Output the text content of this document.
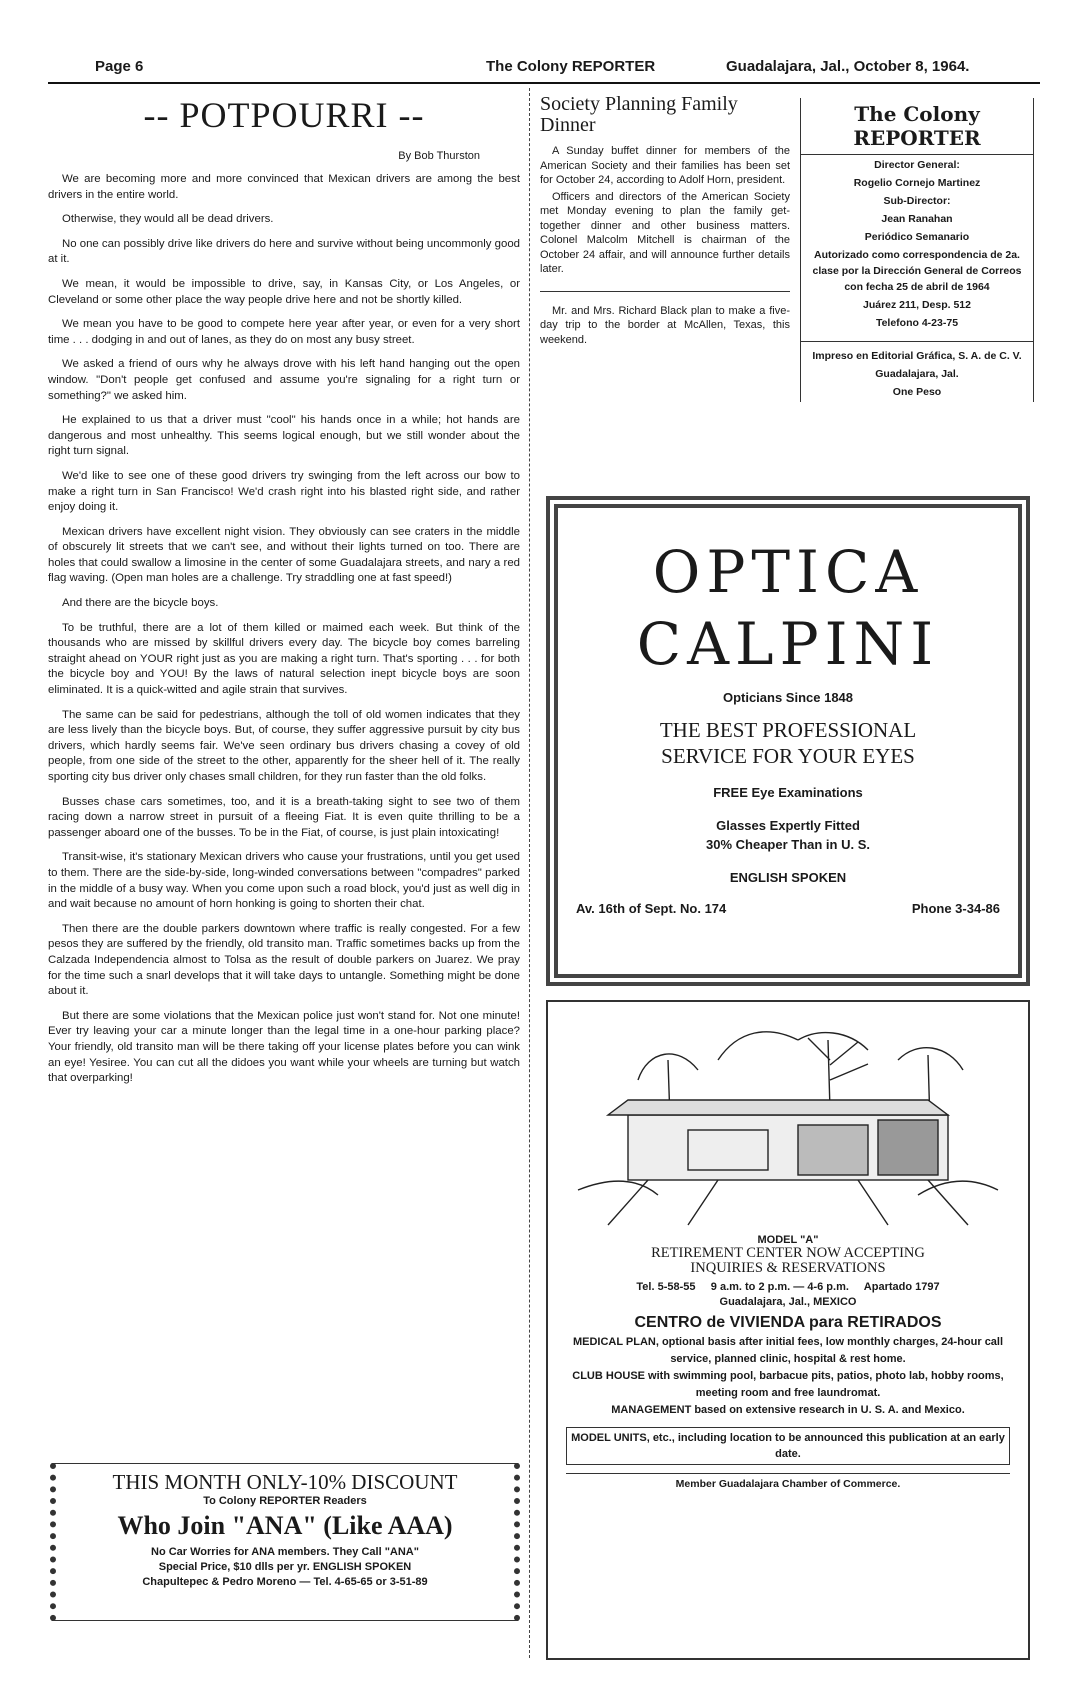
Page 6	The Colony REPORTER	Guadalajara, Jal., October 8, 1964.
-- POTPOURRI --
By Bob Thurston

We are becoming more and more convinced that Mexican drivers are among the best drivers in the entire world.

Otherwise, they would all be dead drivers.

No one can possibly drive like drivers do here and survive without being uncommonly good at it.

We mean, it would be impossible to drive, say, in Kansas City, or Los Angeles, or Cleveland or some other place the way people drive here and not be shortly killed.

We mean you have to be good to compete here year after year, or even for a very short time . . . dodging in and out of lanes, as they do on most any busy street.

We asked a friend of ours why he always drove with his left hand hanging out the open window. "Don't people get confused and assume you're signaling for a right turn or something?" we asked him.

He explained to us that a driver must "cool" his hands once in a while; hot hands are dangerous and most unhealthy. This seems logical enough, but we still wonder about the right turn signal.

We'd like to see one of these good drivers try swinging from the left across our bow to make a right turn in San Francisco! We'd crash right into his blasted right side, and rather enjoy doing it.

Mexican drivers have excellent night vision. They obviously can see craters in the middle of obscurely lit streets that we can't see, and without their lights turned on too. There are holes that could swallow a limosine in the center of some Guadalajara streets, and nary a red flag waving. (Open man holes are a challenge. Try straddling one at fast speed!)

And there are the bicycle boys.

To be truthful, there are a lot of them killed or maimed each week. But think of the thousands who are missed by skillful drivers every day. The bicycle boy comes barreling straight ahead on YOUR right just as you are making a right turn. That's sporting . . . for both the bicycle boy and YOU! By the laws of natural selection inept bicycle boys are soon eliminated. It is a quick-witted and agile strain that survives.

The same can be said for pedestrians, although the toll of old women indicates that they are less lively than the bicycle boys. But, of course, they suffer aggressive pursuit by city bus drivers, which hardly seems fair. We've seen ordinary bus drivers chasing a covey of old people, from one side of the street to the other, apparently for the sheer hell of it. The really sporting city bus driver only chases small children, for they run faster than the old folks.

Busses chase cars sometimes, too, and it is a breath-taking sight to see two of them racing down a narrow street in pursuit of a fleeing Fiat. It is even quite thrilling to be a passenger aboard one of the busses. To be in the Fiat, of course, is just plain intoxicating!

Transit-wise, it's stationary Mexican drivers who cause your frustrations, until you get used to them. There are the side-by-side, long-winded conversations between "compadres" parked in the middle of a busy way. When you come upon such a road block, you'd just as well dig in and wait because no amount of horn honking is going to shorten their chat.

Then there are the double parkers downtown where traffic is really congested. For a few pesos they are suffered by the friendly, old transito man. Traffic sometimes backs up from the Calzada Independencia almost to Tolsa as the result of double parkers on Juarez. We pray for the time such a snarl develops that it will take days to untangle. Something might be done about it.

But there are some violations that the Mexican police just won't stand for. Not one minute! Ever try leaving your car a minute longer than the legal time in a one-hour parking place? Your friendly, old transito man will be there taking off your license plates before you can wink an eye! Yesiree. You can cut all the didoes you want while your wheels are turning but watch that overparking!

THIS MONTH ONLY-10% DISCOUNT
To Colony REPORTER Readers
Who Join "ANA" (Like AAA)
No Car Worries for ANA members. They Call "ANA"
Special Price, $10 dlls per yr. ENGLISH SPOKEN
Chapultepec & Pedro Moreno — Tel. 4-65-65 or 3-51-89
Society Planning Family Dinner

A Sunday buffet dinner for members of the American Society and their families has been set for October 24, according to Adolf Horn, president.

Officers and directors of the American Society met Monday evening to plan the family get-together dinner and other business matters. Colonel Malcolm Mitchell is chairman of the October 24 affair, and will announce further details later.

Mr. and Mrs. Richard Black plan to make a five-day trip to the border at McAllen, Texas, this weekend.

The Colony REPORTER

Director General:

Rogelio Cornejo Martinez

Sub-Director:

Jean Ranahan

Periódico Semanario

Autorizado como correspondencia de 2a. clase por la Dirección General de Correos con fecha 25 de abril de 1964

Juárez 211, Desp. 512

Telefono 4-23-75

Impreso en Editorial Gráfica, S. A. de C. V.

Guadalajara, Jal.

One Peso

OPTICA
CALPINI
Opticians Since 1848
THE BEST PROFESSIONAL
SERVICE FOR YOUR EYES
FREE Eye Examinations
Glasses Expertly Fitted
30% Cheaper Than in U. S.
ENGLISH SPOKEN
Av. 16th of Sept. No. 174	Phone 3-34-86
MODEL "A"
RETIREMENT CENTER NOW ACCEPTING
INQUIRIES & RESERVATIONS
Tel. 5-58-55     9 a.m. to 2 p.m. — 4-6 p.m.     Apartado 1797
Guadalajara, Jal., MEXICO
CENTRO de VIVIENDA para RETIRADOS
MEDICAL PLAN, optional basis after initial fees, low monthly charges, 24-hour call service, planned clinic, hospital & rest home.
CLUB HOUSE with swimming pool, barbacue pits, patios, photo lab, hobby rooms, meeting room and free laundromat.
MANAGEMENT based on extensive research in U. S. A. and Mexico.
MODEL UNITS, etc., including location to be announced this publication at an early date.
Member Guadalajara Chamber of Commerce.
